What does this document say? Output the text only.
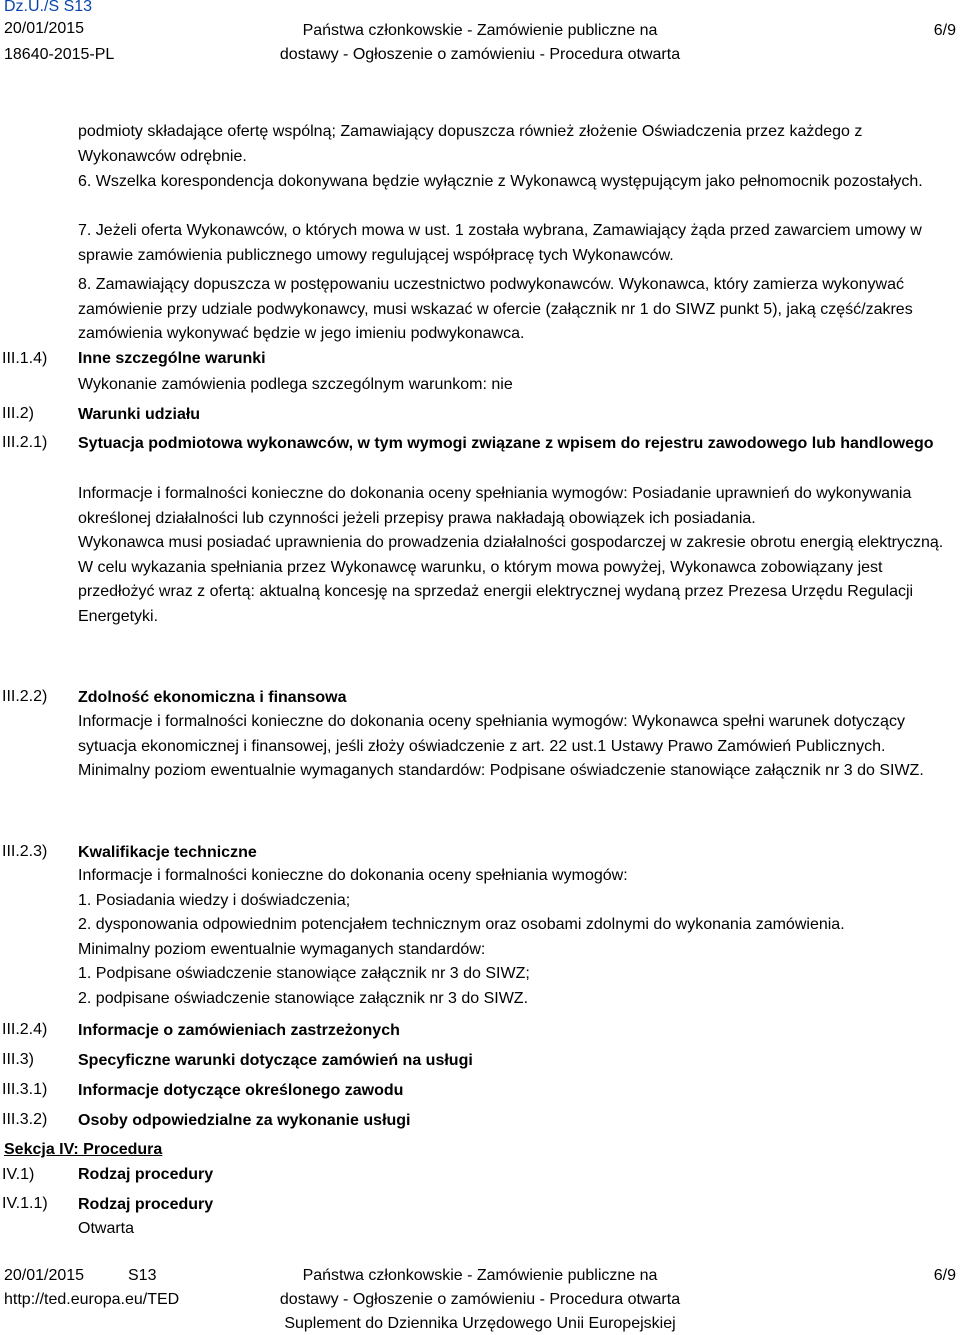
Dz.U./S S13
20/01/2015
18640-2015-PL
Państwa członkowskie - Zamówienie publiczne na
dostawy - Ogłoszenie o zamówieniu - Procedura otwarta
6/9
III.1.4)
III.2)
III.2.1)
III.2.2)
III.2.3)
III.2.4)
III.3)
III.3.1)
III.3.2)
IV.1)
IV.1.1)
podmioty składające ofertę wspólną; Zamawiający dopuszcza również złożenie Oświadczenia przez każdego z Wykonawców odrębnie.
6. Wszelka korespondencja dokonywana będzie wyłącznie z Wykonawcą występującym jako pełnomocnik pozostałych.
7. Jeżeli oferta Wykonawców, o których mowa w ust. 1 została wybrana, Zamawiający żąda przed zawarciem umowy w sprawie zamówienia publicznego umowy regulującej współpracę tych Wykonawców.
8. Zamawiający dopuszcza w postępowaniu uczestnictwo podwykonawców. Wykonawca, który zamierza wykonywać zamówienie przy udziale podwykonawcy, musi wskazać w ofercie (załącznik nr 1 do SIWZ punkt 5), jaką część/zakres zamówienia wykonywać będzie w jego imieniu podwykonawca.
Inne szczególne warunki
Wykonanie zamówienia podlega szczególnym warunkom: nie
Warunki udziału
Sytuacja podmiotowa wykonawców, w tym wymogi związane z wpisem do rejestru zawodowego lub handlowego

Informacje i formalności konieczne do dokonania oceny spełniania wymogów: Posiadanie uprawnień do wykonywania określonej działalności lub czynności jeżeli przepisy prawa nakładają obowiązek ich posiadania.

Wykonawca musi posiadać uprawnienia do prowadzenia działalności gospodarczej w zakresie obrotu energią elektryczną.

W celu wykazania spełniania przez Wykonawcę warunku, o którym mowa powyżej, Wykonawca zobowiązany jest przedłożyć wraz z ofertą: aktualną koncesję na sprzedaż energii elektrycznej wydaną przez Prezesa Urzędu Regulacji Energetyki.

Zdolność ekonomiczna i finansowa

Informacje i formalności konieczne do dokonania oceny spełniania wymogów: Wykonawca spełni warunek dotyczący sytuacja ekonomicznej i finansowej, jeśli złoży oświadczenie z art. 22 ust.1 Ustawy Prawo Zamówień Publicznych.

Minimalny poziom ewentualnie wymaganych standardów: Podpisane oświadczenie stanowiące załącznik nr 3 do SIWZ.

Kwalifikacje techniczne

Informacje i formalności konieczne do dokonania oceny spełniania wymogów:

1. Posiadania wiedzy i doświadczenia;

2. dysponowania odpowiednim potencjałem technicznym oraz osobami zdolnymi do wykonania zamówienia.

Minimalny poziom ewentualnie wymaganych standardów:

1. Podpisane oświadczenie stanowiące załącznik nr 3 do SIWZ;

2. podpisane oświadczenie stanowiące załącznik nr 3 do SIWZ.

Informacje o zamówieniach zastrzeżonych
Specyficzne warunki dotyczące zamówień na usługi
Informacje dotyczące określonego zawodu
Osoby odpowiedzialne za wykonanie usługi
Sekcja IV: Procedura
Rodzaj procedury
Rodzaj procedury
Otwarta
20/01/2015	S13
http://ted.europa.eu/TED
Państwa członkowskie - Zamówienie publiczne na
dostawy - Ogłoszenie o zamówieniu - Procedura otwarta
Suplement do Dziennika Urzędowego Unii Europejskiej
6/9
